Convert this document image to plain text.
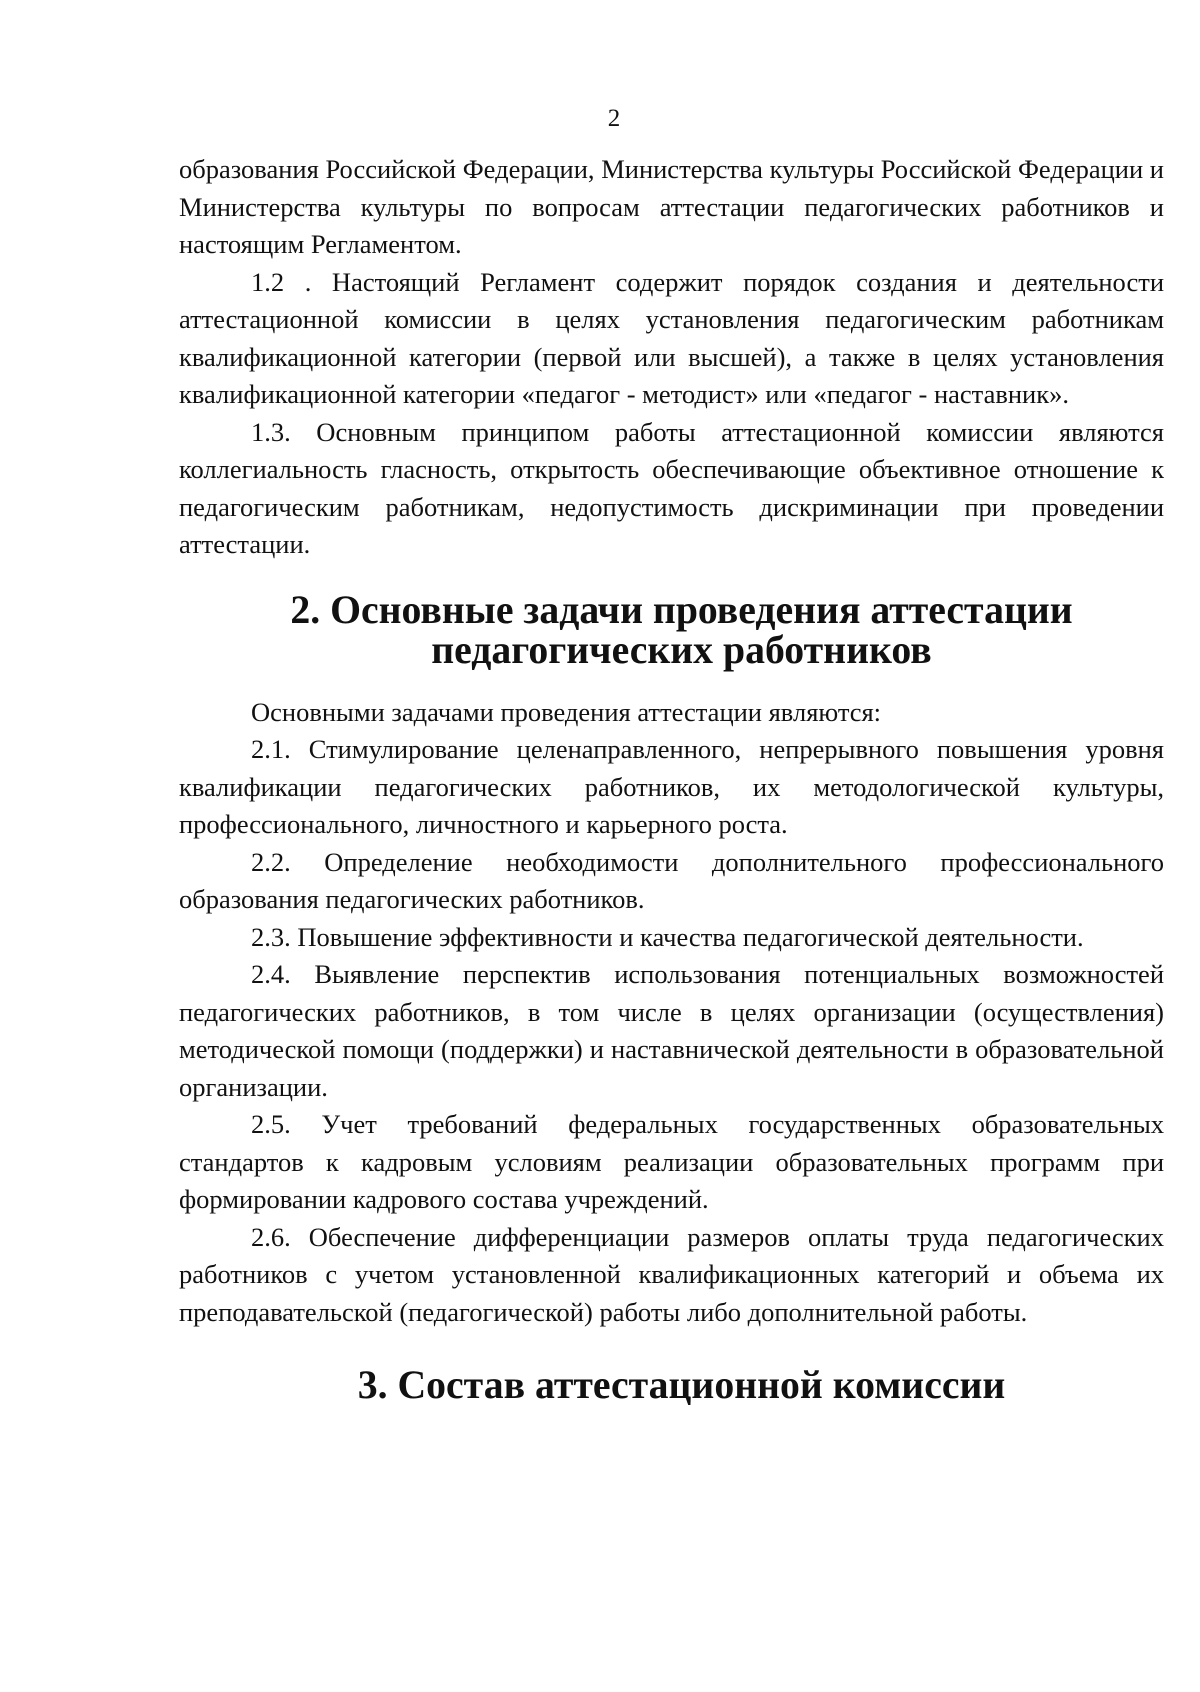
2

образования Российской Федерации, Министерства культуры Российской Федерации и Министерства культуры по вопросам аттестации педагогических работников и настоящим Регламентом.

1.2 . Настоящий Регламент содержит порядок создания и деятельности аттестационной комиссии в целях установления педагогическим работникам квалификационной категории (первой или высшей), а также в целях установления квалификационной категории «педагог - методист» или «педагог - наставник».

1.3. Основным принципом работы аттестационной комиссии являются коллегиальность гласность, открытость обеспечивающие объективное отношение к педагогическим работникам, недопустимость дискриминации при проведении аттестации.

2. Основные задачи проведения аттестации педагогических работников

Основными задачами проведения аттестации являются:

2.1. Стимулирование целенаправленного, непрерывного повышения уровня квалификации педагогических работников, их методологической культуры, профессионального, личностного и карьерного роста.

2.2. Определение необходимости дополнительного профессионального образования педагогических работников.

2.3. Повышение эффективности и качества педагогической деятельности.

2.4. Выявление перспектив использования потенциальных возможностей педагогических работников, в том числе в целях организации (осуществления) методической помощи (поддержки) и наставнической деятельности в образовательной организации.

2.5. Учет требований федеральных государственных образовательных стандартов к кадровым условиям реализации образовательных программ при формировании кадрового состава учреждений.

2.6. Обеспечение дифференциации размеров оплаты труда педагогических работников с учетом установленной квалификационных категорий и объема их преподавательской (педагогической) работы либо дополнительной работы.

3. Состав аттестационной комиссии
